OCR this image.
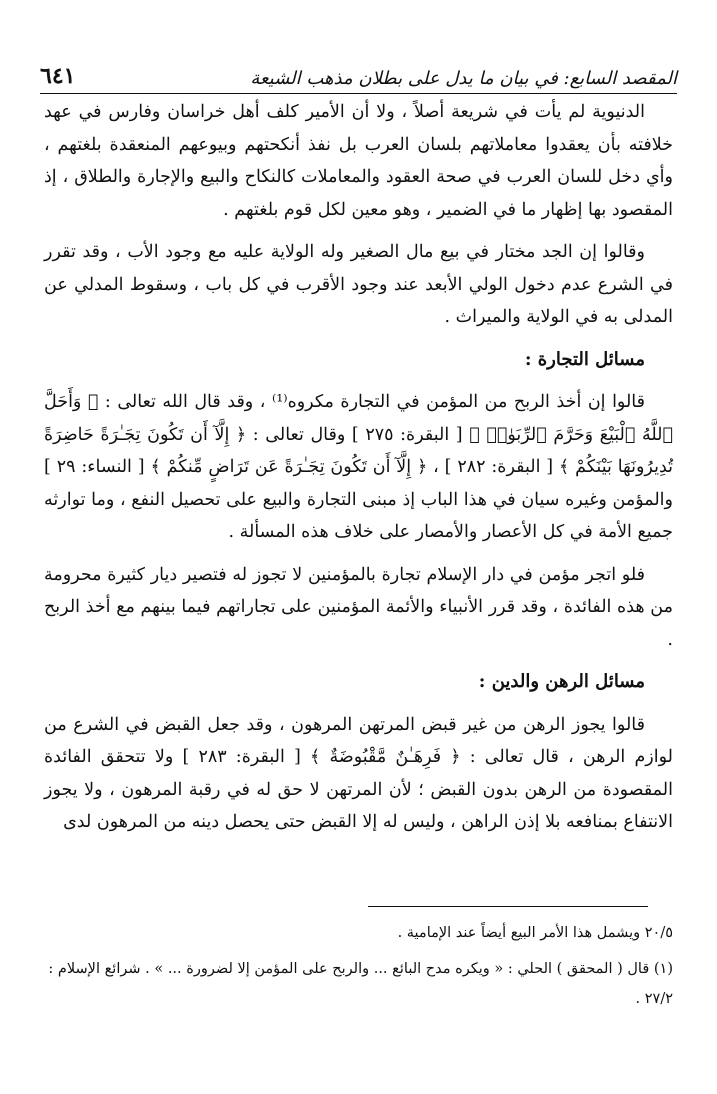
٦٤١	المقصد السابع: في بيان ما يدل على بطلان مذهب الشيعة

الدنيوية لم يأت في شريعة أصلاً ، ولا أن الأمير كلف أهل خراسان وفارس في عهد خلافته بأن يعقدوا معاملاتهم بلسان العرب بل نفذ أنكحتهم وبيوعهم المنعقدة بلغتهم ، وأي دخل للسان العرب في صحة العقود والمعاملات كالنكاح والبيع والإجارة والطلاق ، إذ المقصود بها إظهار ما في الضمير ، وهو معين لكل قوم بلغتهم .

وقالوا إن الجد مختار في بيع مال الصغير وله الولاية عليه مع وجود الأب ، وقد تقرر في الشرع عدم دخول الولي الأبعد عند وجود الأقرب في كل باب ، وسقوط المدلي عن المدلى به في الولاية والميراث .

مسائل التجارة :

قالوا إن أخذ الربح من المؤمن في التجارة مكروه⁽¹⁾ ، وقد قال الله تعالى : ﴿ وَأَحَلَّ ٱللَّهُ ٱلْبَيْعَ وَحَرَّمَ ٱلرِّبَوٰا۟ ﴾ [ البقرة: ٢٧٥ ] وقال تعالى : ﴿ إِلَّآ أَن تَكُونَ تِجَـٰرَةً حَاضِرَةً تُدِيرُونَهَا بَيْنَكُمْ ﴾ [ البقرة: ٢٨٢ ] ، ﴿ إِلَّآ أَن تَكُونَ تِجَـٰرَةً عَن تَرَاضٍ مِّنكُمْ ﴾ [ النساء: ٢٩ ] والمؤمن وغيره سيان في هذا الباب إذ مبنى التجارة والبيع على تحصيل النفع ، وما توارثه جميع الأمة في كل الأعصار والأمصار على خلاف هذه المسألة .

فلو اتجر مؤمن في دار الإسلام تجارة بالمؤمنين لا تجوز له فتصير ديار كثيرة محرومة من هذه الفائدة ، وقد قرر الأنبياء والأئمة المؤمنين على تجاراتهم فيما بينهم مع أخذ الربح .

مسائل الرهن والدين :

قالوا يجوز الرهن من غير قبض المرتهن المرهون ، وقد جعل القبض في الشرع من لوازم الرهن ، قال تعالى : ﴿ فَرِهَـٰنٌ مَّقْبُوضَةٌ ﴾ [ البقرة: ٢٨٣ ] ولا تتحقق الفائدة المقصودة من الرهن بدون القبض ؛ لأن المرتهن لا حق له في رقبة المرهون ، ولا يجوز الانتفاع بمنافعه بلا إذن الراهن ، وليس له إلا القبض حتى يحصل دينه من المرهون لدى

٢٠/٥ ويشمل هذا الأمر البيع أيضاً عند الإمامية .

(١) قال ( المحقق ) الحلي : « ويكره مدح البائع ... والربح على المؤمن إلا لضرورة ... » . شرائع الإسلام : ٢٧/٢ .
